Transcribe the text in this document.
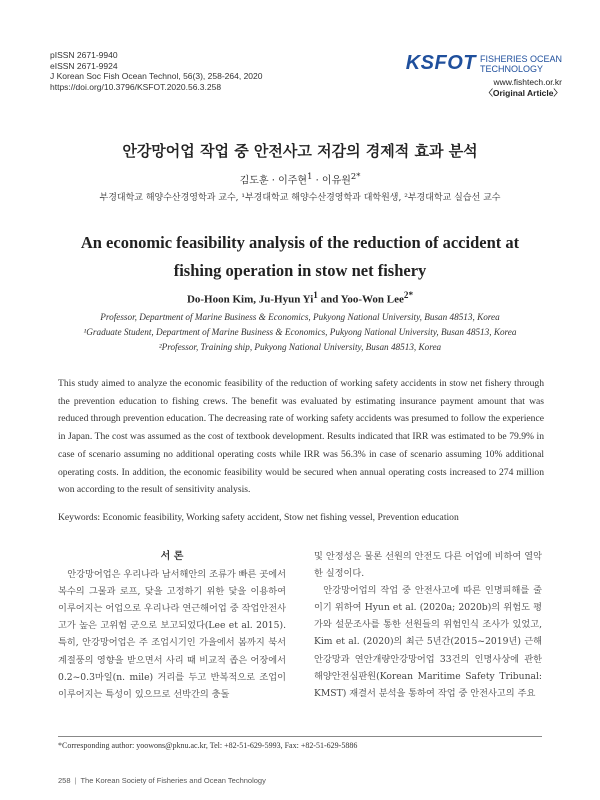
pISSN 2671-9940
eISSN 2671-9924
J Korean Soc Fish Ocean Technol, 56(3), 258-264, 2020
https://doi.org/10.3796/KSFOT.2020.56.3.258
KSFOT FISHERIES OCEAN
TECHNOLOGY
www.fishtech.or.kr
〈Original Article〉
안강망어업 작업 중 안전사고 저감의 경제적 효과 분석
김도훈 · 이주현$^1$ · 이유원$^{2*}$
부경대학교 해양수산경영학과 교수, ¹부경대학교 해양수산경영학과 대학원생, ²부경대학교 실습선 교수
An economic feasibility analysis of the reduction of accident at fishing operation in stow net fishery
Do-Hoon Kim, Ju-Hyun Yi$^1$ and Yoo-Won Lee$^{2*}$
Professor, Department of Marine Business & Economics, Pukyong National University, Busan 48513, Korea
¹Graduate Student, Department of Marine Business & Economics, Pukyong National University, Busan 48513, Korea
²Professor, Training ship, Pukyong National University, Busan 48513, Korea
This study aimed to analyze the economic feasibility of the reduction of working safety accidents in stow net fishery through the prevention education to fishing crews. The benefit was evaluated by estimating insurance payment amount that was reduced through prevention education. The decreasing rate of working safety accidents was presumed to follow the experience in Japan. The cost was assumed as the cost of textbook development. Results indicated that IRR was estimated to be 79.9% in case of scenario assuming no additional operating costs while IRR was 56.3% in case of scenario assuming 10% additional operating costs. In addition, the economic feasibility would be secured when annual operating costs increased to 274 million won according to the result of sensitivity analysis.
Keywords: Economic feasibility, Working safety accident, Stow net fishing vessel, Prevention education
서 론
안강망어업은 우리나라 남서해안의 조류가 빠른 곳에서 복수의 그물과 로프, 닻을 고정하기 위한 닻을 이용하여 이루어지는 어업으로 우리나라 연근해어업 중 작업안전사고가 높은 고위험 군으로 보고되었다(Lee et al. 2015). 특히, 안강망어업은 주 조업시기인 가을에서 봄까지 북서계절풍의 영향을 받으면서 사리 때 비교적 좁은 어장에서 0.2~0.3마일(n. mile) 거리를 두고 반복적으로 조업이 이루어지는 특성이 있으므로 선박간의 충돌
및 안정성은 물론 선원의 안전도 다른 어업에 비하여 열악한 실정이다.
안강망어업의 작업 중 안전사고에 따른 인명피해를 줄이기 위하여 Hyun et al. (2020a; 2020b)의 위험도 평가와 설문조사를 통한 선원들의 위험인식 조사가 있었고, Kim et al. (2020)의 최근 5년간(2015~2019년) 근해 안강망과 연안개량안강망어업 33건의 인명사상에 관한 해양안전심판원(Korean Maritime Safety Tribunal: KMST) 재결서 분석을 통하여 작업 중 안전사고의 주요
*Corresponding author: yoowons@pknu.ac.kr, Tel: +82-51-629-5993, Fax: +82-51-629-5886
258 | The Korean Society of Fisheries and Ocean Technology
